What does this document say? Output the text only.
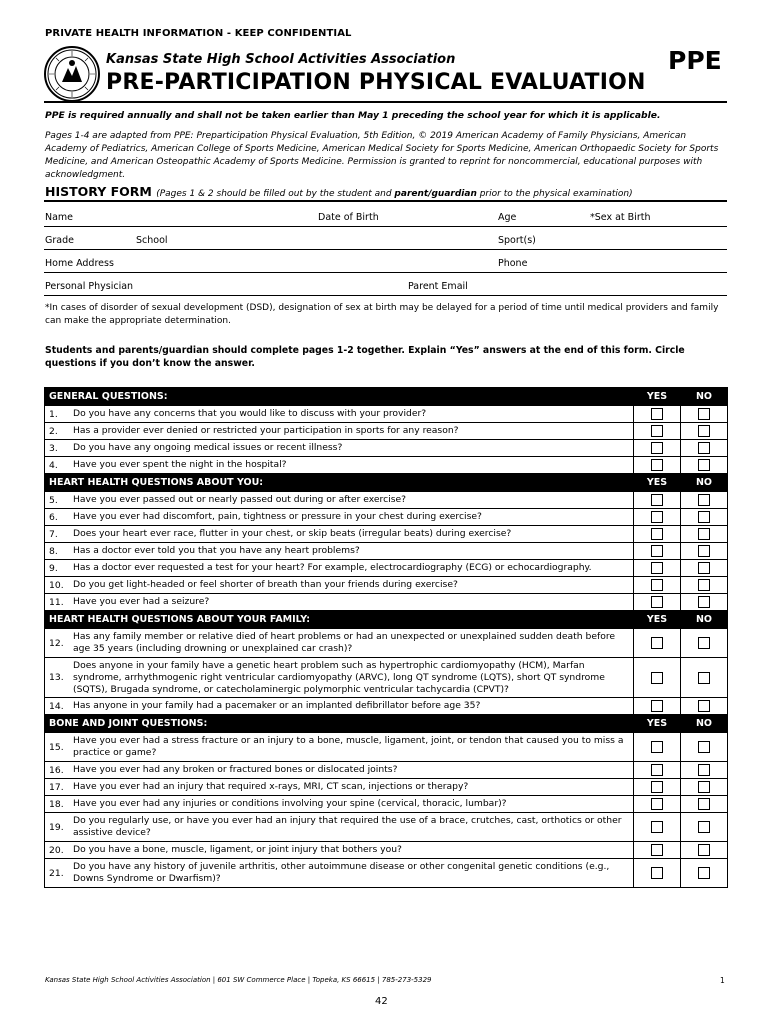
PRIVATE HEALTH INFORMATION - KEEP CONFIDENTIAL
Kansas State High School Activities Association
PRE-PARTICIPATION PHYSICAL EVALUATION
PPE
PPE is required annually and shall not be taken earlier than May 1 preceding the school year for which it is applicable.
Pages 1-4 are adapted from PPE: Preparticipation Physical Evaluation, 5th Edition, © 2019 American Academy of Family Physicians, American Academy of Pediatrics, American College of Sports Medicine, American Medical Society for Sports Medicine, American Orthopaedic Society for Sports Medicine, and American Osteopathic Academy of Sports Medicine. Permission is granted to reprint for noncommercial, educational purposes with acknowledgment.
HISTORY FORM (Pages 1 & 2 should be filled out by the student and parent/guardian prior to the physical examination)
Name	Date of Birth	Age	*Sex at Birth
Grade	School	Sport(s)
Home Address	Phone
Personal Physician	Parent Email
*In cases of disorder of sexual development (DSD), designation of sex at birth may be delayed for a period of time until medical providers and family can make the appropriate determination.
Students and parents/guardian should complete pages 1-2 together. Explain “Yes” answers at the end of this form. Circle questions if you don’t know the answer.
GENERAL QUESTIONS:		YES	NO
1.	Do you have any concerns that you would like to discuss with your provider?		
2.	Has a provider ever denied or restricted your participation in sports for any reason?		
3.	Do you have any ongoing medical issues or recent illness?		
4.	Have you ever spent the night in the hospital?		
HEART HEALTH QUESTIONS ABOUT YOU:		YES	NO
5.	Have you ever passed out or nearly passed out during or after exercise?		
6.	Have you ever had discomfort, pain, tightness or pressure in your chest during exercise?		
7.	Does your heart ever race, flutter in your chest, or skip beats (irregular beats) during exercise?		
8.	Has a doctor ever told you that you have any heart problems?		
9.	Has a doctor ever requested a test for your heart? For example, electrocardiography (ECG) or echocardiography.		
10.	Do you get light-headed or feel shorter of breath than your friends during exercise?		
11.	Have you ever had a seizure?		
HEART HEALTH QUESTIONS ABOUT YOUR FAMILY:		YES	NO
12.	Has any family member or relative died of heart problems or had an unexpected or unexplained sudden death before age 35 years (including drowning or unexplained car crash)?		
13.	Does anyone in your family have a genetic heart problem such as hypertrophic cardiomyopathy (HCM), Marfan syndrome, arrhythmogenic right ventricular cardiomyopathy (ARVC), long QT syndrome (LQTS), short QT syndrome (SQTS), Brugada syndrome, or catecholaminergic polymorphic ventricular tachycardia (CPVT)?		
14.	Has anyone in your family had a pacemaker or an implanted defibrillator before age 35?		
BONE AND JOINT QUESTIONS:		YES	NO
15.	Have you ever had a stress fracture or an injury to a bone, muscle, ligament, joint, or tendon that caused you to miss a practice or game?		
16.	Have you ever had any broken or fractured bones or dislocated joints?		
17.	Have you ever had an injury that required x-rays, MRI, CT scan, injections or therapy?		
18.	Have you ever had any injuries or conditions involving your spine (cervical, thoracic, lumbar)?		
19.	Do you regularly use, or have you ever had an injury that required the use of a brace, crutches, cast, orthotics or other assistive device?		
20.	Do you have a bone, muscle, ligament, or joint injury that bothers you?		
21.	Do you have any history of juvenile arthritis, other autoimmune disease or other congenital genetic conditions (e.g., Downs Syndrome or Dwarfism)?		
Kansas State High School Activities Association | 601 SW Commerce Place | Topeka, KS 66615 | 785-273-5329	1
42
